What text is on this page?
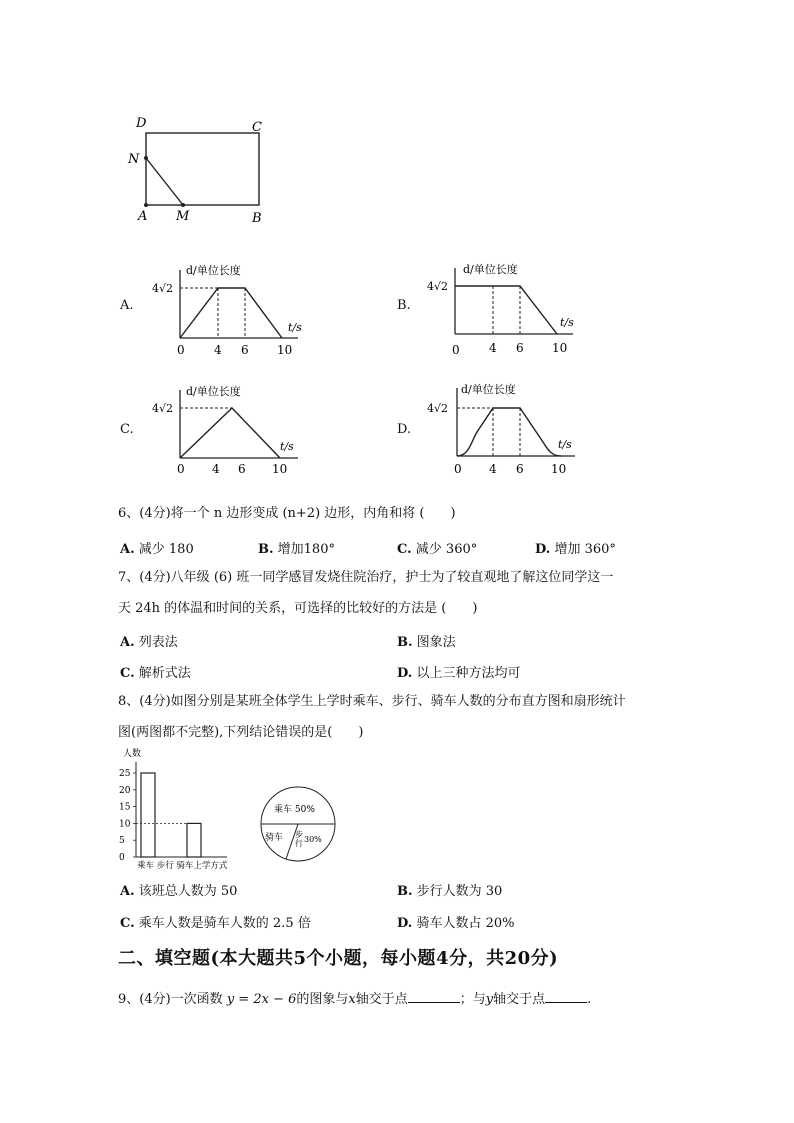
D	C
N
A M	B
A.
d/单位长度
4√2
t/s
0 4 6 10
B.
d/单位长度
4√2
t/s
0 4 6 10
C.
d/单位长度
4√2
t/s
0 4 6 10
D.
d/单位长度
4√2
t/s
0 4 6 10
6、(4分)将一个 n 边形变成 (n+2) 边形，内角和将 (　　)
A. 减少 180	B. 增加180°	C. 减少 360°	D. 增加 360°
7、(4分)八年级 (6) 班一同学感冒发烧住院治疗，护士为了较直观地了解这位同学这一
天 24h 的体温和时间的关系，可选择的比较好的方法是 (　　)
A. 列表法	B. 图象法
C. 解析式法	D. 以上三种方法均可
8、(4分)如图分别是某班全体学生上学时乘车、步行、骑车人数的分布直方图和扇形统计
图(两图都不完整),下列结论错误的是(　　)
人数
0
5
10
15
20
25
乘车 步行 骑车上学方式
乘车 50%
骑车 步
行 30%
A. 该班总人数为 50	B. 步行人数为 30
C. 乘车人数是骑车人数的 2.5 倍	D. 骑车人数占 20%
二、填空题(本大题共5个小题，每小题4分，共20分)
9、(4分)一次函数 y = 2x − 6的图象与x轴交于点	；与y轴交于点	.
